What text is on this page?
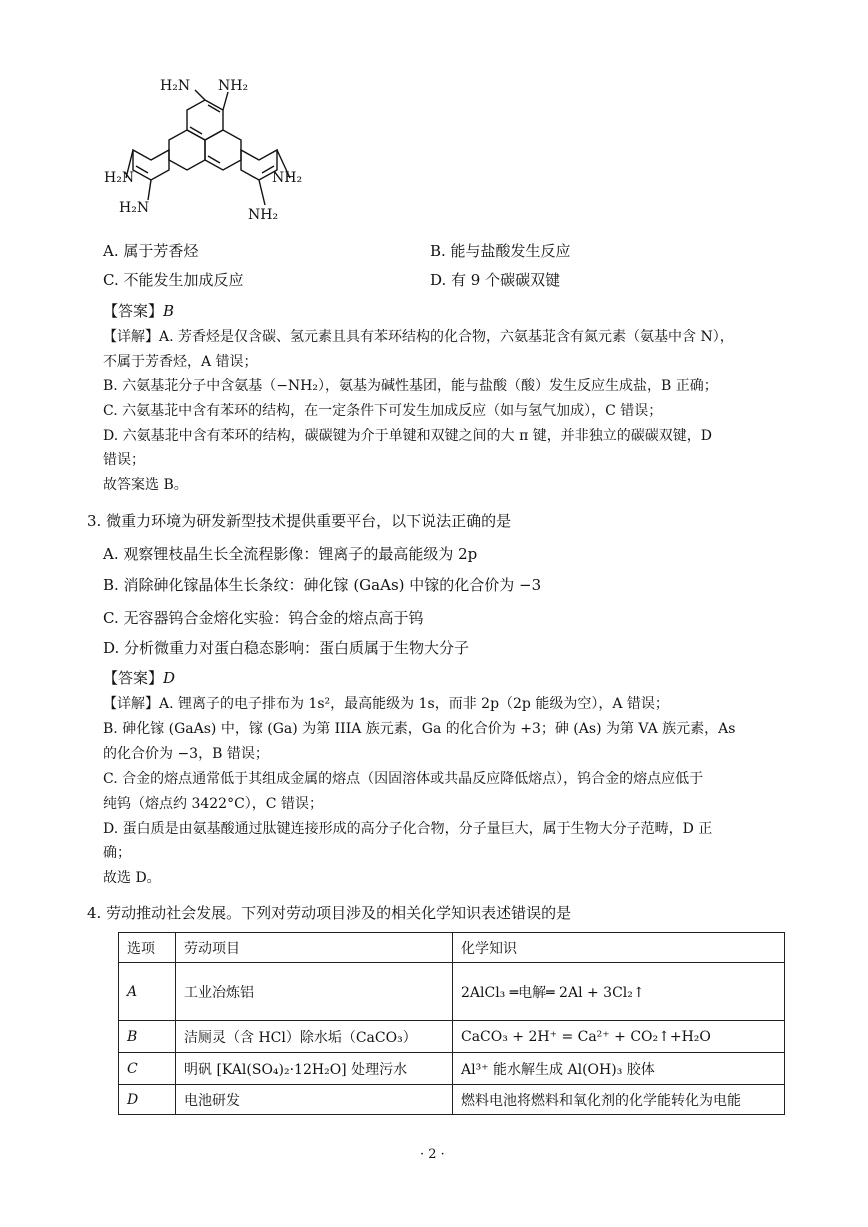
H₂N NH₂
H₂N	NH₂
H₂N	NH₂
A. 属于芳香烃	B. 能与盐酸发生反应
C. 不能发生加成反应	D. 有 9 个碳碳双键
【答案】B
【详解】A. 芳香烃是仅含碳、氢元素且具有苯环结构的化合物，六氨基苝含有氮元素（氨基中含 N），
不属于芳香烃，A 错误；
B. 六氨基苝分子中含氨基（−NH₂），氨基为碱性基团，能与盐酸（酸）发生反应生成盐，B 正确；
C. 六氨基苝中含有苯环的结构，在一定条件下可发生加成反应（如与氢气加成），C 错误；
D. 六氨基苝中含有苯环的结构，碳碳键为介于单键和双键之间的大 π 键，并非独立的碳碳双键，D
错误；
故答案选 B。
3. 微重力环境为研发新型技术提供重要平台，以下说法正确的是
A. 观察锂枝晶生长全流程影像：锂离子的最高能级为 2p
B. 消除砷化镓晶体生长条纹：砷化镓 (GaAs) 中镓的化合价为 −3
C. 无容器钨合金熔化实验：钨合金的熔点高于钨
D. 分析微重力对蛋白稳态影响：蛋白质属于生物大分子
【答案】D
【详解】A. 锂离子的电子排布为 1s²，最高能级为 1s，而非 2p（2p 能级为空），A 错误；
B. 砷化镓 (GaAs) 中，镓 (Ga) 为第 IIIA 族元素，Ga 的化合价为 +3；砷 (As) 为第 VA 族元素，As
的化合价为 −3，B 错误；
C. 合金的熔点通常低于其组成金属的熔点（因固溶体或共晶反应降低熔点），钨合金的熔点应低于
纯钨（熔点约 3422°C），C 错误；
D. 蛋白质是由氨基酸通过肽键连接形成的高分子化合物，分子量巨大，属于生物大分子范畴，D 正
确；
故选 D。
4. 劳动推动社会发展。下列对劳动项目涉及的相关化学知识表述错误的是
选项	劳动项目	化学知识
A	工业冶炼铝	2AlCl₃ ═电解═ 2Al + 3Cl₂↑
B	洁厕灵（含 HCl）除水垢（CaCO₃）	CaCO₃ + 2H⁺ = Ca²⁺ + CO₂↑+H₂O
C	明矾 [KAl(SO₄)₂·12H₂O] 处理污水	Al³⁺ 能水解生成 Al(OH)₃ 胶体
D	电池研发	燃料电池将燃料和氧化剂的化学能转化为电能
· 2 ·
